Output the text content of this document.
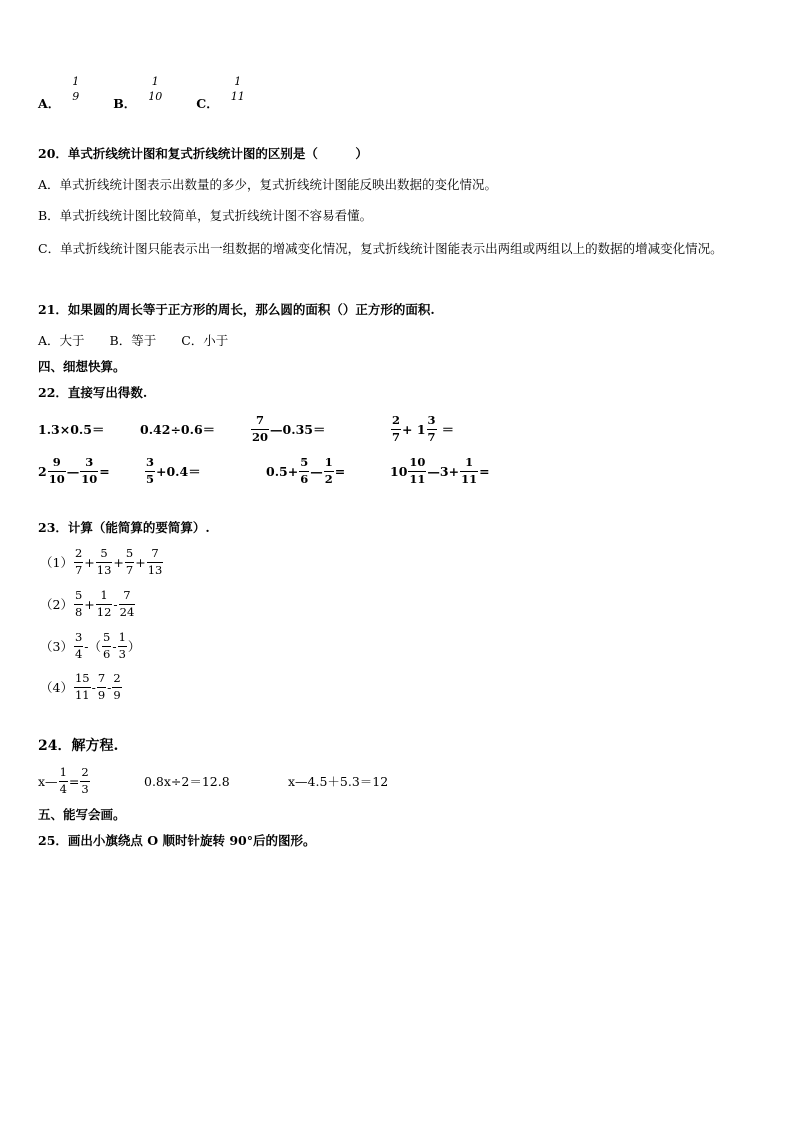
A．
1
9
	B．
1
10
	C．
1
11
20．单式折线统计图和复式折线统计图的区别是（　　　）
A．单式折线统计图表示出数量的多少，复式折线统计图能反映出数据的变化情况。
B．单式折线统计图比较简单，复式折线统计图不容易看懂。
C．单式折线统计图只能表示出一组数据的增减变化情况，复式折线统计图能表示出两组或两组以上的数据的增减变化情况。
21．如果圆的周长等于正方形的周长，那么圆的面积（）正方形的面积.
A．大于　　B．等于　　C．小于
四、细想快算。
22．直接写出得数.
1.3×0.5＝	0.42÷0.6＝	$\frac{7}{20}$ —0.35＝	$\frac{2}{7} + 1 \frac{3}{7}$ ＝
$2 \frac{9}{10}$ — $\frac{3}{10}$ =	$\frac{3}{5} +0.4=$	$0.5+ \frac{5}{6}$ — $\frac{1}{2}$ =	$10 \frac{10}{11}$ —3+ $\frac{1}{11}$ =
23．计算（能简算的要简算）.
$(1) \frac{2}{7} + \frac{5}{13} + \frac{5}{7} + \frac{7}{13}$
$(2) \frac{5}{8} + \frac{1}{12} - \frac{7}{24}$
$(3) \frac{3}{4}$ -（ $\frac{5}{6} - \frac{1}{3}$ ）
$(4) \frac{15}{11} - \frac{7}{9} - \frac{2}{9}$
24．解方程.
x— $\frac{1}{4} = \frac{2}{3}$	0.8x÷2＝12.8	x—4.5＋5.3＝12
五、能写会画。
25．画出小旗绕点 O 顺时针旋转 90°后的图形。
